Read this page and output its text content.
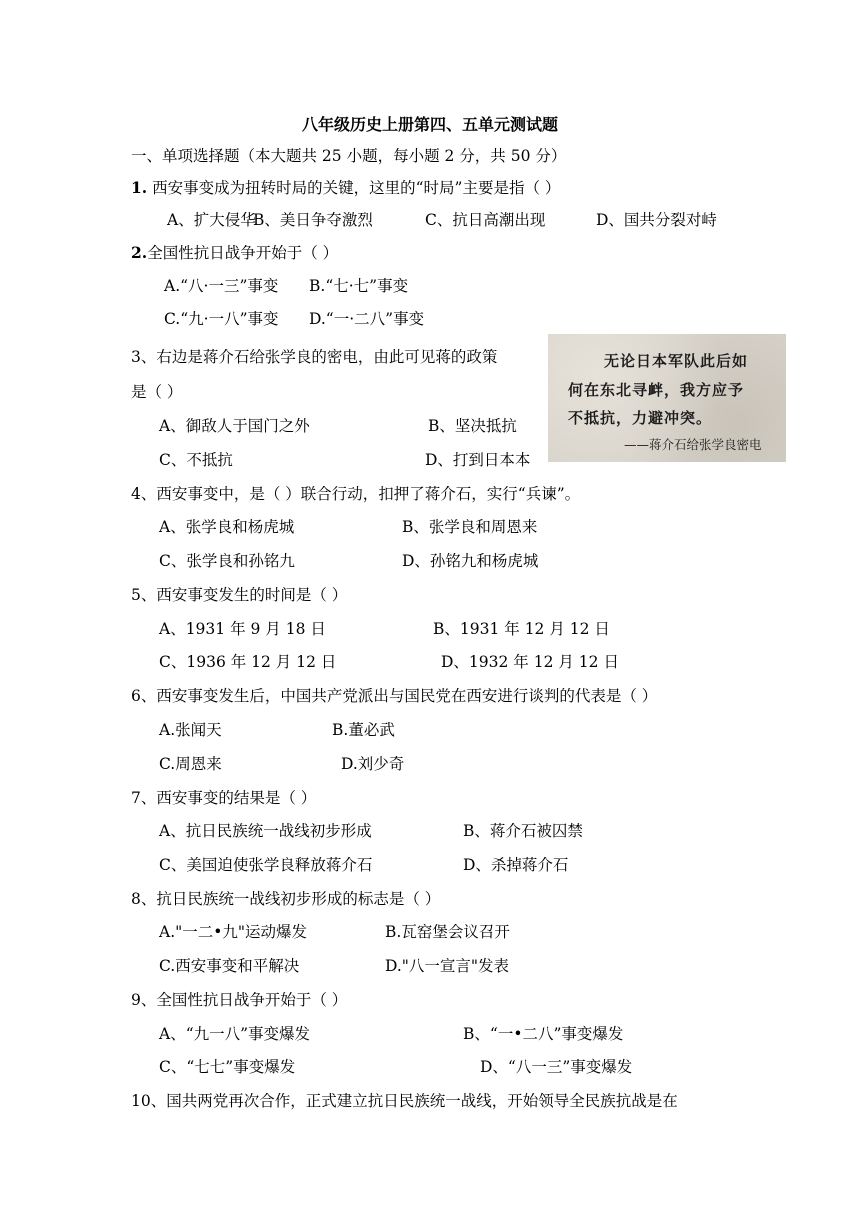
八年级历史上册第四、五单元测试题
一、单项选择题（本大题共 25 小题，每小题 2 分，共 50 分）
1. 西安事变成为扭转时局的关键，这里的“时局”主要是指（ ）
A、扩大侵华
B、美日争夺激烈	C、抗日高潮出现	D、国共分裂对峙
2.全国性抗日战争开始于（ ）
A.“八·一三”事变 B.“七·七”事变
C.“九·一八”事变 D.“一·二八”事变
3、右边是蒋介石给张学良的密电，由此可见蒋的政策
是（ ）
A、御敌人于国门之外	B、坚决抵抗
C、不抵抗	D、打到日本本
无论日本军队此后如
何在东北寻衅，我方应予
不抵抗，力避冲突。
——蒋介石给张学良密电
4、西安事变中，是（ ）联合行动，扣押了蒋介石，实行“兵谏”。
A、张学良和杨虎城	B、张学良和周恩来
C、张学良和孙铭九	D、孙铭九和杨虎城
5、西安事变发生的时间是（ ）
A、1931 年 9 月 18 日	B、1931 年 12 月 12 日
C、1936 年 12 月 12 日	D、1932 年 12 月 12 日
6、西安事变发生后，中国共产党派出与国民党在西安进行谈判的代表是（ ）
A.张闻天	B.董必武
C.周恩来	D.刘少奇
7、西安事变的结果是（ ）
A、抗日民族统一战线初步形成	B、蒋介石被囚禁
C、美国迫使张学良释放蒋介石	D、杀掉蒋介石
8、抗日民族统一战线初步形成的标志是（ ）
A."一二•九"运动爆发	B.瓦窑堡会议召开
C.西安事变和平解决	D."八一宣言"发表
9、全国性抗日战争开始于（ ）
A、“九一八”事变爆发	B、“一•二八”事变爆发
C、“七七”事变爆发	D、“八一三”事变爆发
10、国共两党再次合作，正式建立抗日民族统一战线，开始领导全民族抗战是在
